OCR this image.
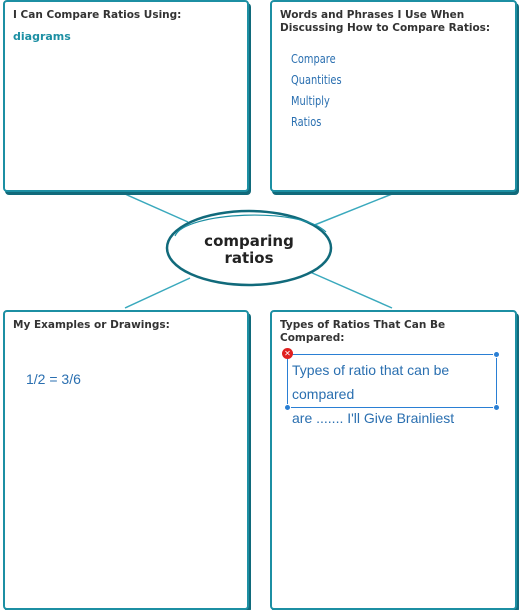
comparing
ratios
I Can Compare Ratios Using:
diagrams
Words and Phrases I Use When Discussing How to Compare Ratios:
Compare
Quantities
Multiply
Ratios
My Examples or Drawings:
1/2 = 3/6
Types of Ratios That Can Be Compared:
Types of ratio that can be compared
are ....... I'll Give Brainliest
✕
